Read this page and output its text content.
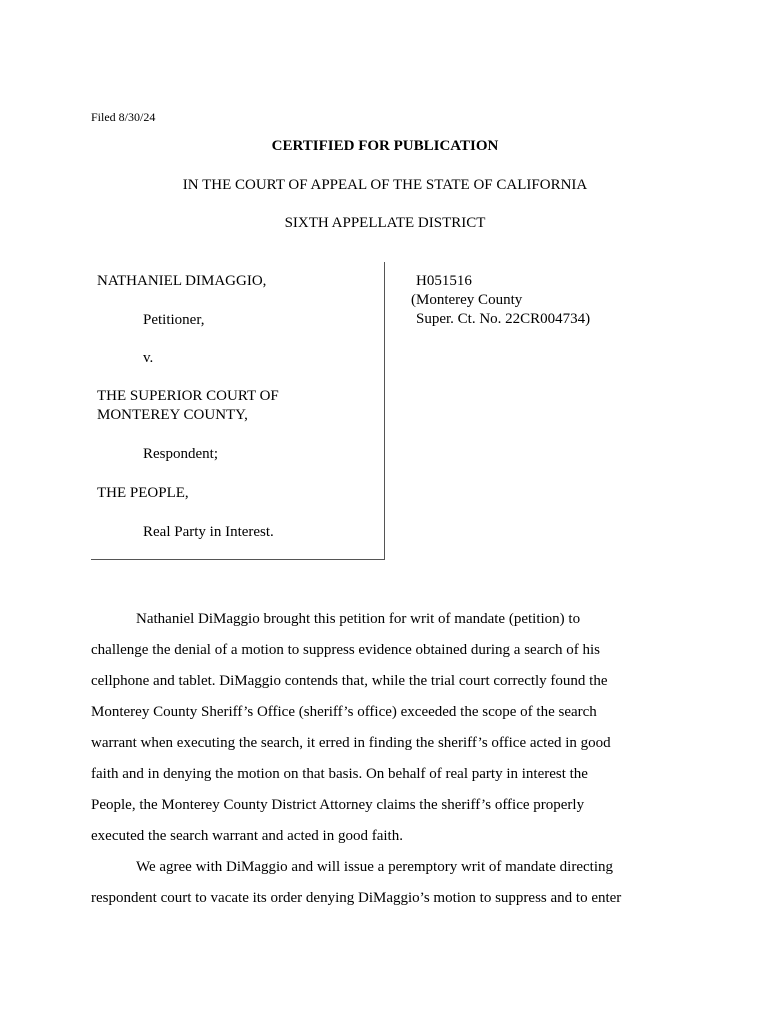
Filed 8/30/24
CERTIFIED FOR PUBLICATION
IN THE COURT OF APPEAL OF THE STATE OF CALIFORNIA
SIXTH APPELLATE DISTRICT
NATHANIEL DIMAGGIO,
Petitioner,
v.
THE SUPERIOR COURT OF
MONTEREY COUNTY,
Respondent;
THE PEOPLE,
Real Party in Interest.
H051516
(Monterey County
Super. Ct. No. 22CR004734)

Nathaniel DiMaggio brought this petition for writ of mandate (petition) to
challenge the denial of a motion to suppress evidence obtained during a search of his
cellphone and tablet. DiMaggio contends that, while the trial court correctly found the
Monterey County Sheriff’s Office (sheriff’s office) exceeded the scope of the search
warrant when executing the search, it erred in finding the sheriff’s office acted in good
faith and in denying the motion on that basis. On behalf of real party in interest the
People, the Monterey County District Attorney claims the sheriff’s office properly
executed the search warrant and acted in good faith.

We agree with DiMaggio and will issue a peremptory writ of mandate directing
respondent court to vacate its order denying DiMaggio’s motion to suppress and to enter
